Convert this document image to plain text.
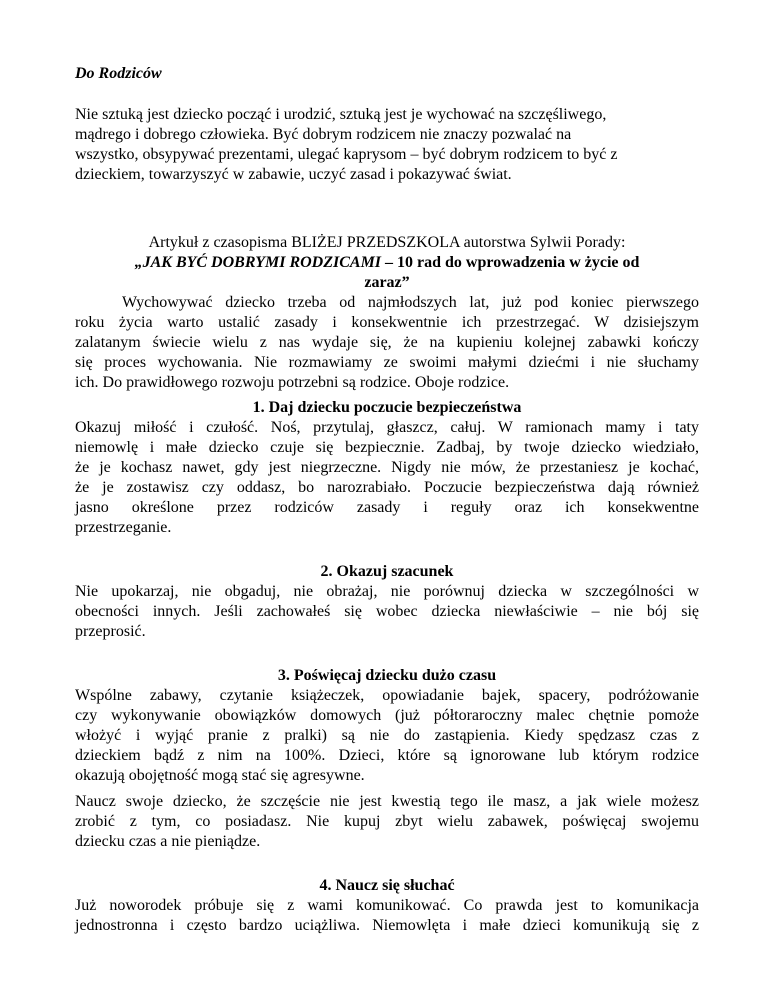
Do Rodziców
Nie sztuką jest dziecko począć i urodzić, sztuką jest je wychować na szczęśliwego,
mądrego i dobrego człowieka. Być dobrym rodzicem nie znaczy pozwalać na
wszystko, obsypywać prezentami, ulegać kaprysom – być dobrym rodzicem to być z
dzieckiem, towarzyszyć w zabawie, uczyć zasad i pokazywać świat.
Artykuł z czasopisma BLIŻEJ PRZEDSZKOLA autorstwa Sylwii Porady:
„JAK BYĆ DOBRYMI RODZICAMI – 10 rad do wprowadzenia w życie od
zaraz”
Wychowywać dziecko trzeba od najmłodszych lat, już pod koniec pierwszego
roku życia warto ustalić zasady i konsekwentnie ich przestrzegać. W dzisiejszym
zalatanym świecie wielu z nas wydaje się, że na kupieniu kolejnej zabawki kończy
się proces wychowania. Nie rozmawiamy ze swoimi małymi dziećmi i nie słuchamy
ich. Do prawidłowego rozwoju potrzebni są rodzice. Oboje rodzice.
1. Daj dziecku poczucie bezpieczeństwa
Okazuj miłość i czułość. Noś, przytulaj, głaszcz, całuj. W ramionach mamy i taty
niemowlę i małe dziecko czuje się bezpiecznie. Zadbaj, by twoje dziecko wiedziało,
że je kochasz nawet, gdy jest niegrzeczne. Nigdy nie mów, że przestaniesz je kochać,
że je zostawisz czy oddasz, bo narozrabiało. Poczucie bezpieczeństwa dają również
jasno określone przez rodziców zasady i reguły oraz ich konsekwentne
przestrzeganie.
2. Okazuj szacunek
Nie upokarzaj, nie obgaduj, nie obrażaj, nie porównuj dziecka w szczególności w
obecności innych. Jeśli zachowałeś się wobec dziecka niewłaściwie – nie bój się
przeprosić.
3. Poświęcaj dziecku dużo czasu
Wspólne zabawy, czytanie książeczek, opowiadanie bajek, spacery, podróżowanie
czy wykonywanie obowiązków domowych (już półtoraroczny malec chętnie pomoże
włożyć i wyjąć pranie z pralki) są nie do zastąpienia. Kiedy spędzasz czas z
dzieckiem bądź z nim na 100%. Dzieci, które są ignorowane lub którym rodzice
okazują obojętność mogą stać się agresywne.
Naucz swoje dziecko, że szczęście nie jest kwestią tego ile masz, a jak wiele możesz
zrobić z tym, co posiadasz. Nie kupuj zbyt wielu zabawek, poświęcaj swojemu
dziecku czas a nie pieniądze.
4. Naucz się słuchać
Już noworodek próbuje się z wami komunikować. Co prawda jest to komunikacja
jednostronna i często bardzo uciążliwa. Niemowlęta i małe dzieci komunikują się z
